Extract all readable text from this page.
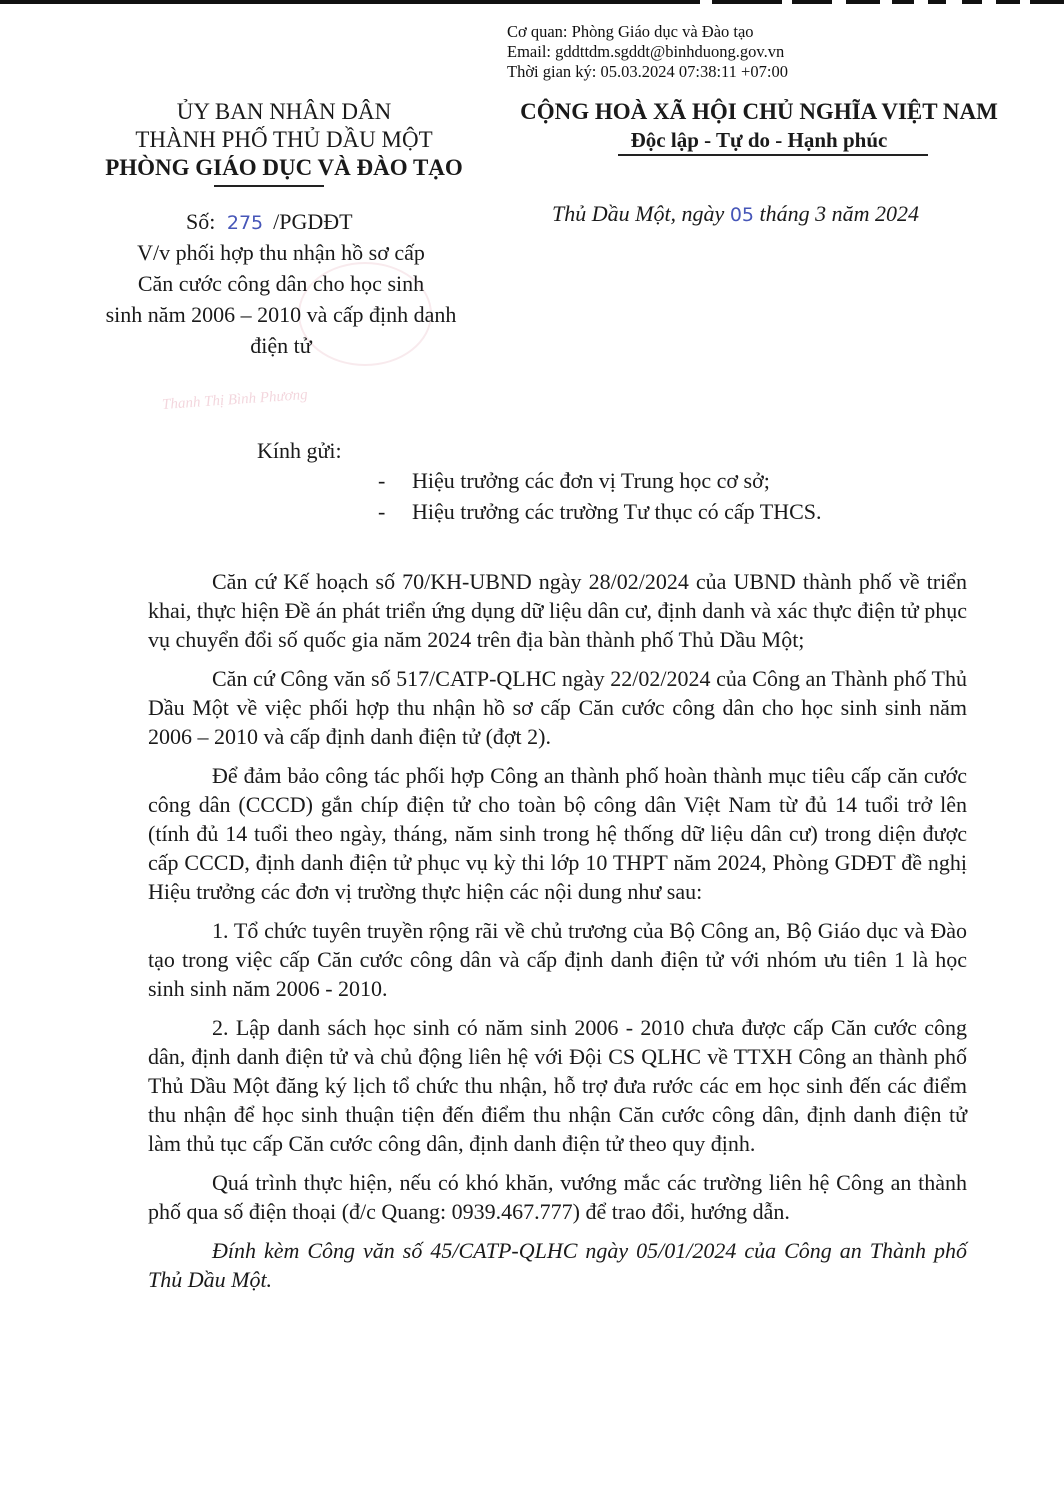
Cơ quan: Phòng Giáo dục và Đào tạo
Email: gddttdm.sgddt@binhduong.gov.vn
Thời gian ký: 05.03.2024 07:38:11 +07:00
ỦY BAN NHÂN DÂN
THÀNH PHỐ THỦ DẦU MỘT
PHÒNG GIÁO DỤC VÀ ĐÀO TẠO
CỘNG HOÀ XÃ HỘI CHỦ NGHĨA VIỆT NAM
Độc lập - Tự do - Hạnh phúc
Thủ Dầu Một, ngày 05 tháng 3 năm 2024
Số: 275 /PGDĐT
V/v phối hợp thu nhận hồ sơ cấp
Căn cước công dân cho học sinh
sinh năm 2006 – 2010 và cấp định danh
điện tử
Thanh Thị Bình Phương
Kính gửi:
- Hiệu trưởng các đơn vị Trung học cơ sở;
- Hiệu trưởng các trường Tư thục có cấp THCS.

Căn cứ Kế hoạch số 70/KH-UBND ngày 28/02/2024 của UBND thành phố về triển khai, thực hiện Đề án phát triển ứng dụng dữ liệu dân cư, định danh và xác thực điện tử phục vụ chuyển đổi số quốc gia năm 2024 trên địa bàn thành phố Thủ Dầu Một;

Căn cứ Công văn số 517/CATP-QLHC ngày 22/02/2024 của Công an Thành phố Thủ Dầu Một về việc phối hợp thu nhận hồ sơ cấp Căn cước công dân cho học sinh sinh năm 2006 – 2010 và cấp định danh điện tử (đợt 2).

Để đảm bảo công tác phối hợp Công an thành phố hoàn thành mục tiêu cấp căn cước công dân (CCCD) gắn chíp điện tử cho toàn bộ công dân Việt Nam từ đủ 14 tuổi trở lên (tính đủ 14 tuổi theo ngày, tháng, năm sinh trong hệ thống dữ liệu dân cư) trong diện được cấp CCCD, định danh điện tử phục vụ kỳ thi lớp 10 THPT năm 2024, Phòng GDĐT đề nghị Hiệu trưởng các đơn vị trường thực hiện các nội dung như sau:

1. Tổ chức tuyên truyền rộng rãi về chủ trương của Bộ Công an, Bộ Giáo dục và Đào tạo trong việc cấp Căn cước công dân và cấp định danh điện tử với nhóm ưu tiên 1 là học sinh sinh năm 2006 - 2010.

2. Lập danh sách học sinh có năm sinh 2006 - 2010 chưa được cấp Căn cước công dân, định danh điện tử và chủ động liên hệ với Đội CS QLHC về TTXH Công an thành phố Thủ Dầu Một đăng ký lịch tổ chức thu nhận, hỗ trợ đưa rước các em học sinh đến các điểm thu nhận để học sinh thuận tiện đến điểm thu nhận Căn cước công dân, định danh điện tử làm thủ tục cấp Căn cước công dân, định danh điện tử theo quy định.

Quá trình thực hiện, nếu có khó khăn, vướng mắc các trường liên hệ Công an thành phố qua số điện thoại (đ/c Quang: 0939.467.777) để trao đổi, hướng dẫn.

Đính kèm Công văn số 45/CATP-QLHC ngày 05/01/2024 của Công an Thành phố Thủ Dầu Một.
